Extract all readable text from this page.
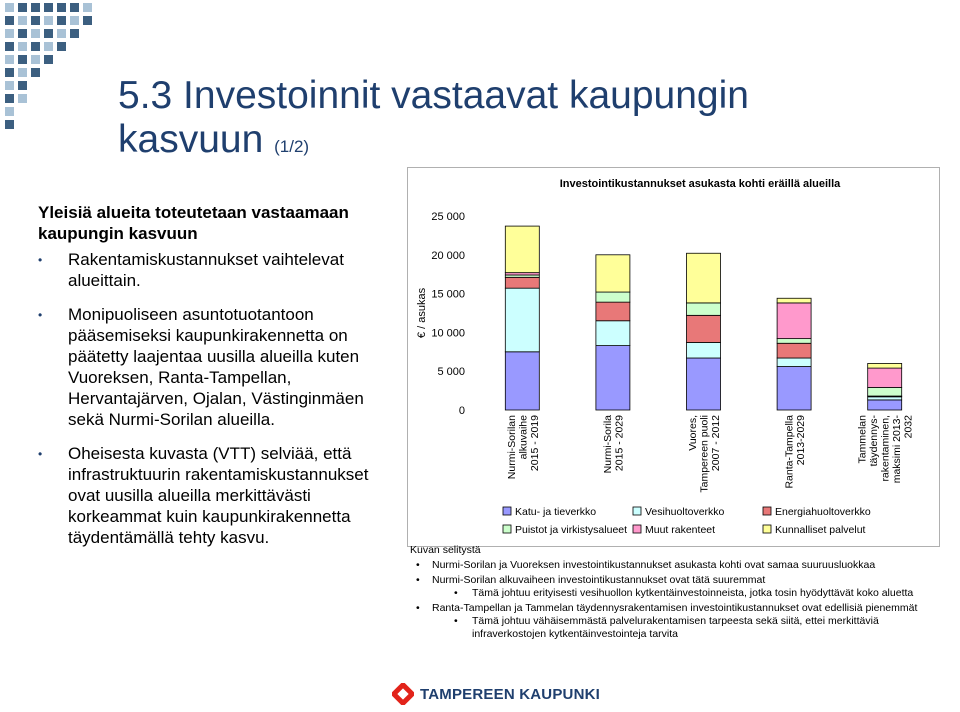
5.3 Investoinnit vastaavat kaupungin kasvuun (1/2)
Yleisiä alueita toteutetaan vastaamaan kaupungin kasvuun
• Rakentamiskustannukset vaihtelevat alueittain.
• Monipuoliseen asuntotuotantoon pääsemiseksi kaupunkirakennetta on päätetty laajentaa uusilla alueilla kuten Vuoreksen, Ranta-Tampellan, Hervantajärven, Ojalan, Västinginmäen sekä Nurmi-Sorilan alueilla.
• Oheisesta kuvasta (VTT) selviää, että infrastruktuurin rakentamiskustannukset ovat uusilla alueilla merkittävästi korkeammat kuin kaupunkirakennetta täydentämällä tehty kasvu.
Investointikustannukset asukasta kohti eräillä alueilla
€ / asukas
0
5 000
10 000
15 000
20 000
25 000
Nurmi-Sorilan alkuvaihe 2015 - 2019	Nurmi-Sorila 2015 - 2029	Vuores, Tampereen puoli 2007 - 2012	Ranta-Tampella 2013-2029	Tammelan täydennys- rakentaminen, maksimi 2013- 2032
Katu- ja tieverkko	Vesihuoltoverkko	Energiahuoltoverkko
Puistot ja virkistysalueet Muut rakenteet	Kunnalliset palvelut
Kuvan selitystä
• Nurmi-Sorilan ja Vuoreksen investointikustannukset asukasta kohti ovat samaa suuruusluokkaa
• Nurmi-Sorilan alkuvaiheen investointikustannukset ovat tätä suuremmat
• Tämä johtuu erityisesti vesihuollon kytkentäinvestoinneista, jotka tosin hyödyttävät koko aluetta
• Ranta-Tampellan ja Tammelan täydennysrakentamisen investointikustannukset ovat edellisiä pienemmät
• Tämä johtuu vähäisemmästä palvelurakentamisen tarpeesta sekä siitä, ettei merkittäviä infraverkostojen kytkentäinvestointeja tarvita
TAMPEREEN KAUPUNKI
